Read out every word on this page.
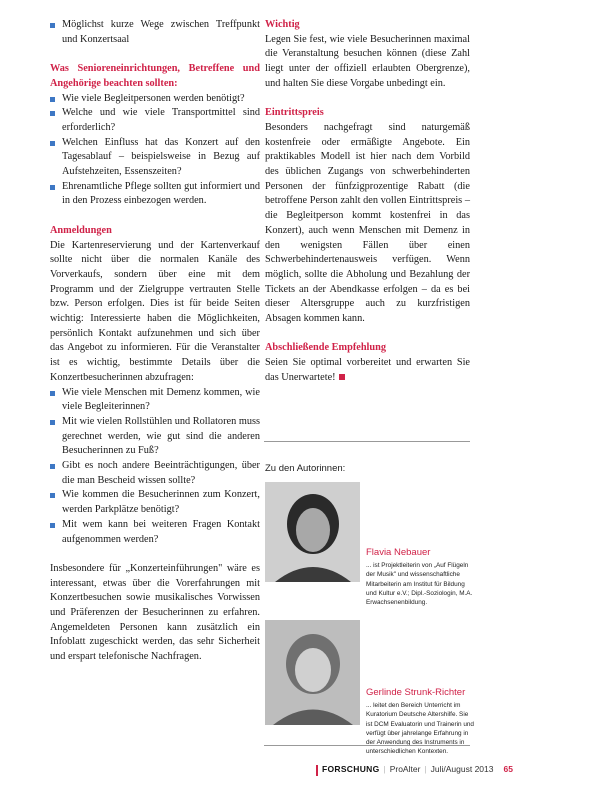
Möglichst kurze Wege zwischen Treffpunkt und Konzertsaal

Was Senioreneinrichtungen, Betreffene und Angehörige beachten sollten:

Wie viele Begleitpersonen werden benötigt?
Welche und wie viele Transportmittel sind erforderlich?
Welchen Einfluss hat das Konzert auf den Tagesablauf – beispielsweise in Bezug auf Aufstehzeiten, Essenszeiten?
Ehrenamtliche Pflege sollten gut informiert und in den Prozess einbezogen werden.

Anmeldungen

Die Kartenreservierung und der Kartenverkauf sollte nicht über die normalen Kanäle des Vorverkaufs, sondern über eine mit dem Programm und der Zielgruppe vertrauten Stelle bzw. Person erfolgen. Dies ist für beide Seiten wichtig: Interessierte haben die Möglichkeiten, persönlich Kontakt aufzunehmen und sich über das Angebot zu informieren. Für die Veranstalter ist es wichtig, bestimmte Details über die Konzertbesucherinnen abzufragen:

Wie viele Menschen mit Demenz kommen, wie viele Begleiterinnen?
Mit wie vielen Rollstühlen und Rollatoren muss gerechnet werden, wie gut sind die anderen Besucherinnen zu Fuß?
Gibt es noch andere Beeinträchtigungen, über die man Bescheid wissen sollte?
Wie kommen die Besucherinnen zum Konzert, werden Parkplätze benötigt?
Mit wem kann bei weiteren Fragen Kontakt aufgenommen werden?

Insbesondere für „Konzerteinführungen" wäre es interessant, etwas über die Vorerfahrungen mit Konzertbesuchen sowie musikalisches Vorwissen und Präferenzen der Besucherinnen zu erfahren. Angemeldeten Personen kann zusätzlich ein Infoblatt zugeschickt werden, das sehr Sicherheit und erspart telefonische Nachfragen.

Wichtig

Legen Sie fest, wie viele Besucherinnen maximal die Veranstaltung besuchen können (diese Zahl liegt unter der offiziell erlaubten Obergrenze), und halten Sie diese Vorgabe unbedingt ein.

Eintrittspreis

Besonders nachgefragt sind naturgemäß kostenfreie oder ermäßigte Angebote. Ein praktikables Modell ist hier nach dem Vorbild des üblichen Zugangs von schwerbehinderten Personen der fünfzigprozentige Rabatt (die betroffene Person zahlt den vollen Eintrittspreis – die Begleitperson kommt kostenfrei in das Konzert), auch wenn Menschen mit Demenz in den wenigsten Fällen über einen Schwerbehindertenausweis verfügen. Wenn möglich, sollte die Abholung und Bezahlung der Tickets an der Abendkasse erfolgen – da es bei dieser Altersgruppe auch zu kurzfristigen Absagen kommen kann.

Abschließende Empfehlung

Seien Sie optimal vorbereitet und erwarten Sie das Unerwartete!

Zu den Autorinnen:
Flavia Nebauer
... ist Projektleiterin von „Auf Flügeln der Musik" und wissenschaftliche Mitarbeiterin am Institut für Bildung und Kultur e.V.; Dipl.-Soziologin, M.A. Erwachsenenbildung.
Gerlinde Strunk-Richter
... leitet den Bereich Unterricht im Kuratorium Deutsche Altershilfe. Sie ist DCM Evaluatorin und Trainerin und verfügt über jahrelange Erfahrung in der Anwendung des Instruments in unterschiedlichen Kontexten.
FORSCHUNG | ProAlter | Juli/August 2013 65
